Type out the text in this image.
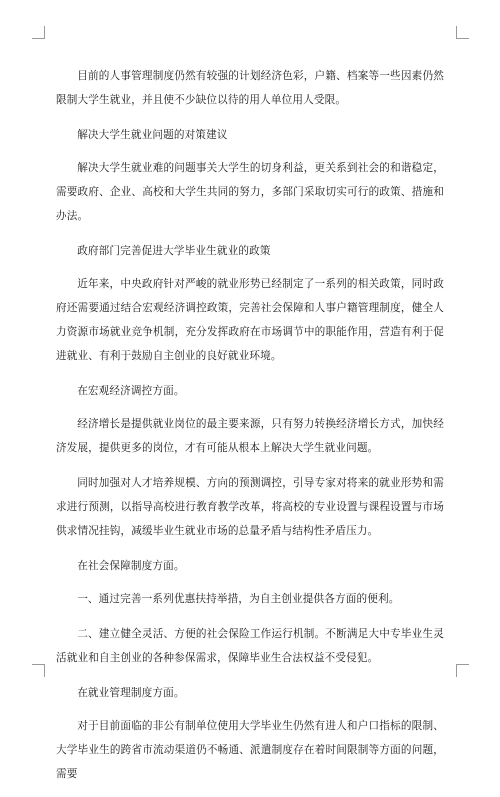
目前的人事管理制度仍然有较强的计划经济色彩，户籍、档案等一些因素仍然限制大学生就业，并且使不少缺位以待的用人单位用人受限。

解决大学生就业问题的对策建议

解决大学生就业难的问题事关大学生的切身利益，更关系到社会的和谐稳定，需要政府、企业、高校和大学生共同的努力，多部门采取切实可行的政策、措施和办法。

政府部门完善促进大学毕业生就业的政策

近年来，中央政府针对严峻的就业形势已经制定了一系列的相关政策，同时政府还需要通过结合宏观经济调控政策，完善社会保障和人事户籍管理制度，健全人力资源市场就业竞争机制，充分发挥政府在市场调节中的职能作用，营造有利于促进就业、有利于鼓励自主创业的良好就业环境。

在宏观经济调控方面。

经济增长是提供就业岗位的最主要来源，只有努力转换经济增长方式，加快经济发展，提供更多的岗位，才有可能从根本上解决大学生就业问题。

同时加强对人才培养规模、方向的预测调控，引导专家对将来的就业形势和需求进行预测，以指导高校进行教育教学改革，将高校的专业设置与课程设置与市场供求情况挂钩，减缓毕业生就业市场的总量矛盾与结构性矛盾压力。

在社会保障制度方面。

一、通过完善一系列优惠扶持举措，为自主创业提供各方面的便利。

二、建立健全灵活、方便的社会保险工作运行机制。不断满足大中专毕业生灵活就业和自主创业的各种参保需求，保障毕业生合法权益不受侵犯。

在就业管理制度方面。

对于目前面临的非公有制单位使用大学毕业生仍然有进人和户口指标的限制、大学毕业生的跨省市流动渠道仍不畅通、派遣制度存在着时间限制等方面的问题，需要
